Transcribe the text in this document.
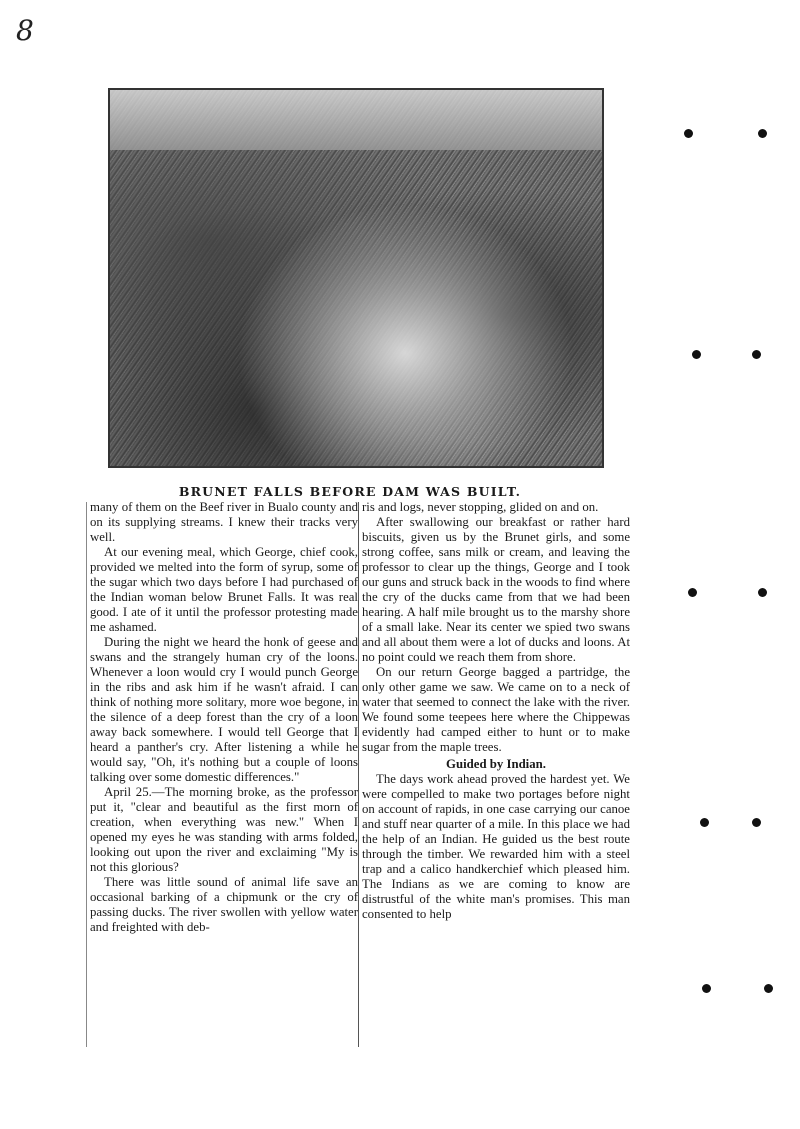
8
BRUNET FALLS BEFORE DAM WAS BUILT.

many of them on the Beef river in Bualo county and on its supplying streams. I knew their tracks very well.

At our evening meal, which George, chief cook, provided we melted into the form of syrup, some of the sugar which two days before I had purchased of the Indian woman below Brunet Falls. It was real good. I ate of it until the professor protesting made me ashamed.

During the night we heard the honk of geese and swans and the strangely human cry of the loons. Whenever a loon would cry I would punch George in the ribs and ask him if he wasn't afraid. I can think of nothing more solitary, more woe begone, in the silence of a deep forest than the cry of a loon away back somewhere. I would tell George that I heard a panther's cry. After listening a while he would say, "Oh, it's nothing but a couple of loons talking over some domestic differences."

April 25.—The morning broke, as the professor put it, "clear and beautiful as the first morn of creation, when everything was new." When I opened my eyes he was standing with arms folded, looking out upon the river and exclaiming "My is not this glorious?

There was little sound of animal life save an occasional barking of a chipmunk or the cry of passing ducks. The river swollen with yellow water and freighted with deb-

ris and logs, never stopping, glided on and on.

After swallowing our breakfast or rather hard biscuits, given us by the Brunet girls, and some strong coffee, sans milk or cream, and leaving the professor to clear up the things, George and I took our guns and struck back in the woods to find where the cry of the ducks came from that we had been hearing. A half mile brought us to the marshy shore of a small lake. Near its center we spied two swans and all about them were a lot of ducks and loons. At no point could we reach them from shore.

On our return George bagged a partridge, the only other game we saw. We came on to a neck of water that seemed to connect the lake with the river. We found some teepees here where the Chippewas evidently had camped either to hunt or to make sugar from the maple trees.

Guided by Indian.

The days work ahead proved the hardest yet. We were compelled to make two portages before night on account of rapids, in one case carrying our canoe and stuff near quarter of a mile. In this place we had the help of an Indian. He guided us the best route through the timber. We rewarded him with a steel trap and a calico handkerchief which pleased him. The Indians as we are coming to know are distrustful of the white man's promises. This man consented to help
